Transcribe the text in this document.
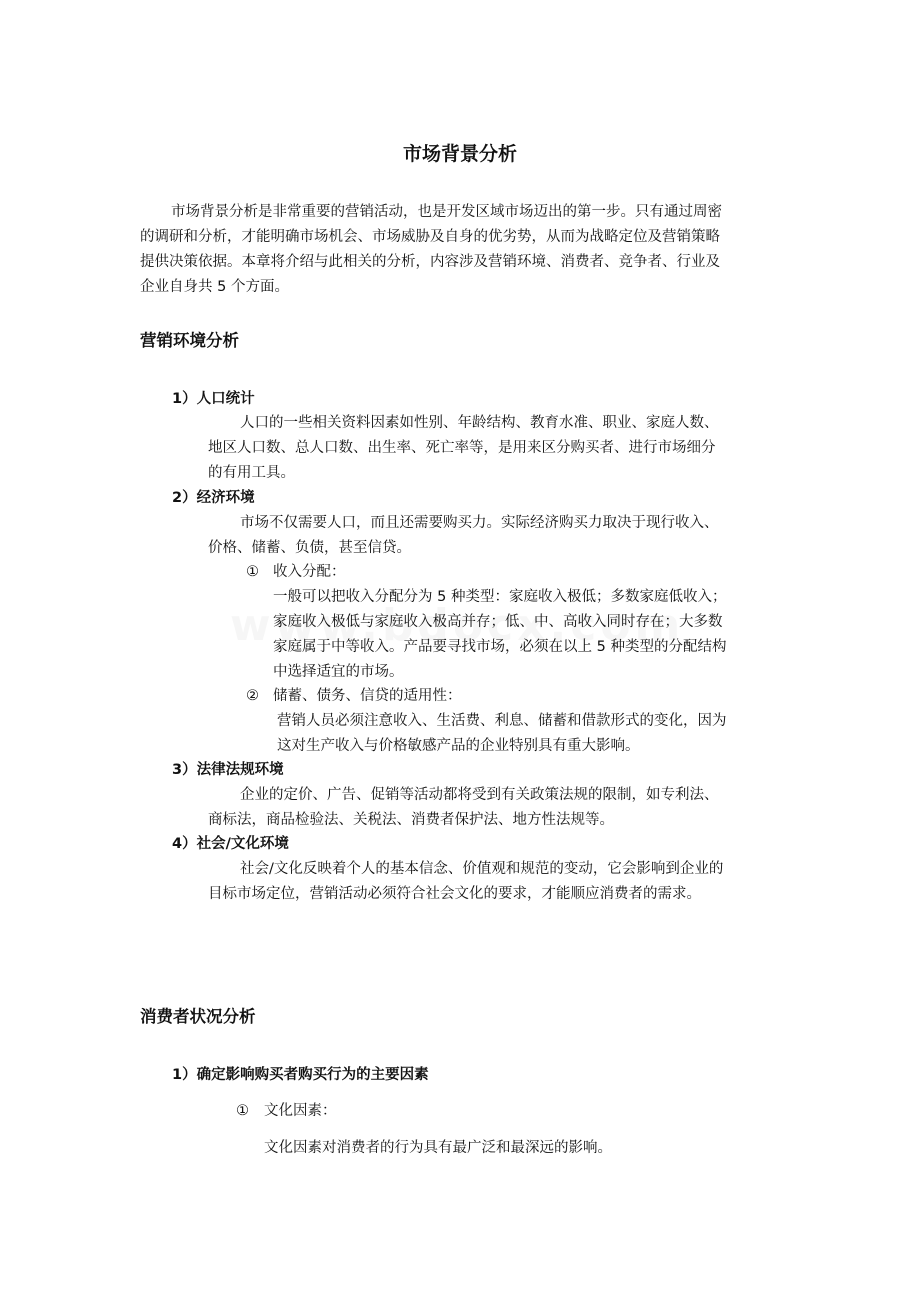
市场背景分析
市场背景分析是非常重要的营销活动，也是开发区域市场迈出的第一步。只有通过周密
的调研和分析，才能明确市场机会、市场威胁及自身的优劣势，从而为战略定位及营销策略
提供决策依据。本章将介绍与此相关的分析，内容涉及营销环境、消费者、竞争者、行业及
企业自身共 5 个方面。
营销环境分析
1）人口统计
人口的一些相关资料因素如性别、年龄结构、教育水准、职业、家庭人数、
地区人口数、总人口数、出生率、死亡率等，是用来区分购买者、进行市场细分
的有用工具。
2）经济环境
市场不仅需要人口，而且还需要购买力。实际经济购买力取决于现行收入、
价格、储蓄、负债，甚至信贷。
① 收入分配：
一般可以把收入分配分为 5 种类型：家庭收入极低；多数家庭低收入；
家庭收入极低与家庭收入极高并存；低、中、高收入同时存在；大多数
家庭属于中等收入。产品要寻找市场，必须在以上 5 种类型的分配结构
中选择适宜的市场。
② 储蓄、债务、信贷的适用性：
营销人员必须注意收入、生活费、利息、储蓄和借款形式的变化，因为
这对生产收入与价格敏感产品的企业特别具有重大影响。
3）法律法规环境
企业的定价、广告、促销等活动都将受到有关政策法规的限制，如专利法、
商标法，商品检验法、关税法、消费者保护法、地方性法规等。
4）社会/文化环境
社会/文化反映着个人的基本信念、价值观和规范的变动，它会影响到企业的
目标市场定位，营销活动必须符合社会文化的要求，才能顺应消费者的需求。
消费者状况分析
1）确定影响购买者购买行为的主要因素
① 文化因素：
文化因素对消费者的行为具有最广泛和最深远的影响。
